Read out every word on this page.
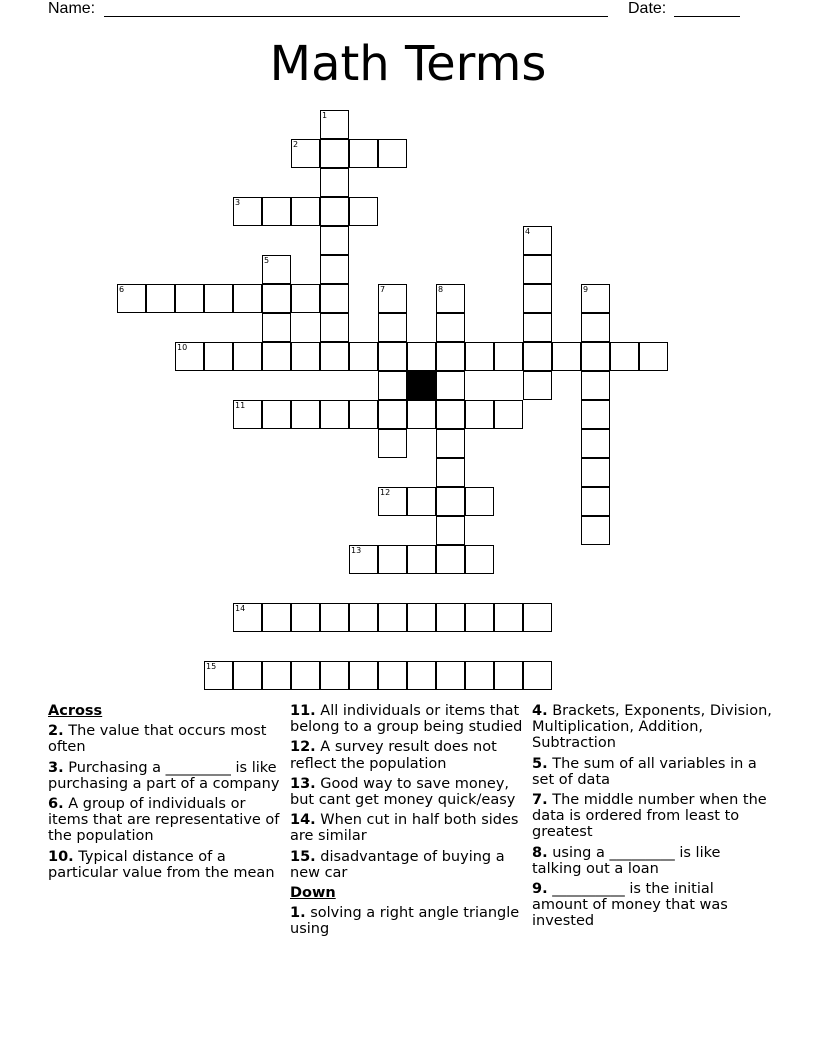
Name:	Date:
Math Terms
2
3
6
10
11
12
13
14
15
1
4
5
7	8	9
Across
2. The value that occurs most often
3. Purchasing a _________ is like purchasing a part of a company
6. A group of individuals or items that are representative of the population
10. Typical distance of a particular value from the mean
11. All individuals or items that belong to a group being studied
12. A survey result does not reflect the population
13. Good way to save money, but cant get money quick/easy
14. When cut in half both sides are similar
15. disadvantage of buying a new car
Down
1. solving a right angle triangle using
4. Brackets, Exponents, Division, Multiplication, Addition, Subtraction
5. The sum of all variables in a set of data
7. The middle number when the data is ordered from least to greatest
8. using a _________ is like talking out a loan
9. __________ is the initial amount of money that was invested
